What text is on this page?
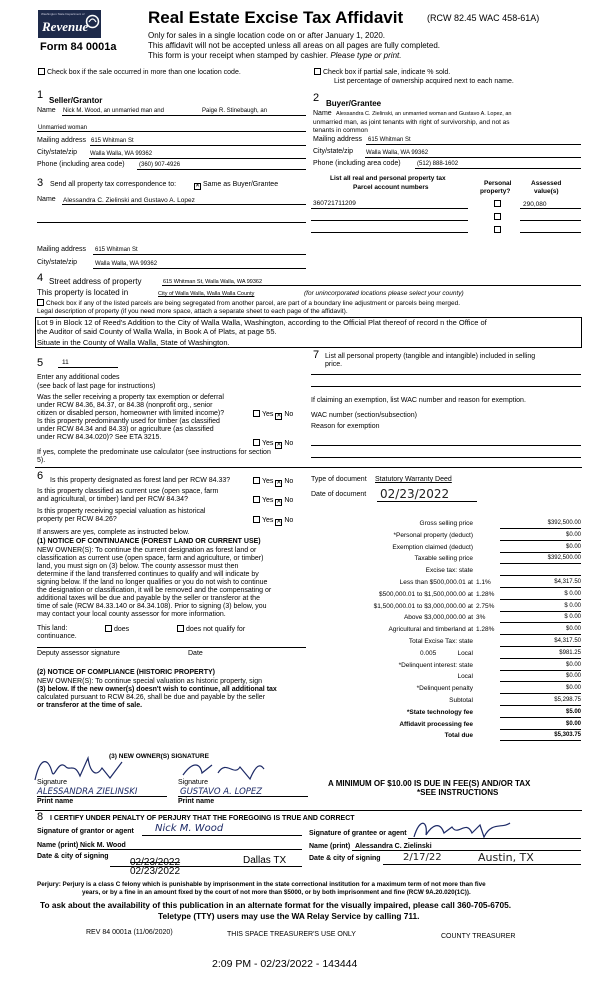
Washington State Department of
Revenue
Form 84 0001a
Real Estate Excise Tax Affidavit	(RCW 82.45 WAC 458-61A)
Only for sales in a single location code on or after January 1, 2020.
This affidavit will not be accepted unless all areas on all pages are fully completed.
This form is your receipt when stamped by cashier. Please type or print.
Check box if the sale occurred in more than one location code.	Check box if partial sale, indicate % sold.
List percentage of ownership acquired next to each name.
1 Seller/Grantor
Name Nick M. Wood, an unmarried man and	Paige R. Stinebaugh, an
Unmarried woman
Mailing address 615 Whitman St
City/state/zip Walla Walla, WA 99362
Phone (including area code) (360) 907-4926
2 Buyer/Grantee
Name Alessandra C. Zielinski, an unmarried woman and Gustavo A. Lopez, an
unmarried man, as joint tenants with right of survivorship, and not as
tenants in common
Mailing address 615 Whitman St
City/state/zip Walla Walla, WA 99362
Phone (including area code)	(512) 888-1602
3 Send all property tax correspondence to:	✕ Same as Buyer/Grantee
Name Alessandra C. Zielinski and Gustavo A. Lopez
Mailing address 615 Whitman St
City/state/zip	Walla Walla, WA 99362
List all real and personal property tax
Parcel account numbers
Personal
property?
Assessed
value(s)
360721711209	290,080
4 Street address of property	615 Whitman St, Walla Walla, WA 99362
This property is located in	City of Walla Walla, Walla Walla County	(for unincorporated locations please select your county)
Check box if any of the listed parcels are being segregated from another parcel, are part of a boundary line adjustment or parcels being merged.
Legal description of property (if you need more space, attach a separate sheet to each page of the affidavit).
Lot 9 in Block 12 of Reed's Addition to the City of Walla Walla, Washington, according to the Official Plat thereof of record n the Office of
the Auditor of said County of Walla Walla, in Book A of Plats, at page 55.
Situate in the County of Walla Walla, State of Washington.
5	11
Enter any additional codes
(see back of last page for instructions)
Was the seller receiving a property tax exemption or deferral
under RCW 84.36, 84.37, or 84.38 (nonprofit org., senior
citizen or disabled person, homeowner with limited income)?	Yes ✕ No
Is this property predominantly used for timber (as classified
under RCW 84.34 and 84.33) or agriculture (as classified
under RCW 84.34.020)? See ETA 3215.
Yes ✕ No
If yes, complete the predominate use calculator (see instructions for section
5).
7 List all personal property (tangible and intangible) included in selling
price.
If claiming an exemption, list WAC number and reason for exemption.
WAC number (section/subsection)
Reason for exemption
6 Is this property designated as forest land per RCW 84.33?	Yes ✕ No
Is this property classified as current use (open space, farm
and agricultural, or timber) land per RCW 84.34?	Yes ✕ No
Is this property receiving special valuation as historical
property per RCW 84.26?	Yes ✕ No
If answers are yes, complete as instructed below.
(1) NOTICE OF CONTINUANCE (FOREST LAND OR CURRENT USE)
NEW OWNER(S): To continue the current designation as forest land or
classification as current use (open space, farm and agriculture, or timber)
land, you must sign on (3) below. The county assessor must then
determine if the land transferred continues to qualify and will indicate by
signing below. If the land no longer qualifies or you do not wish to continue
the designation or classification, it will be removed and the compensating or
additional taxes will be due and payable by the seller or transferor at the
time of sale (RCW 84.33.140 or 84.34.108). Prior to signing (3) below, you
may contact your local county assessor for more information.
This land:	does	does not qualify for
continuance.
Deputy assessor signature	Date
(2) NOTICE OF COMPLIANCE (HISTORIC PROPERTY)
NEW OWNER(S): To continue special valuation as historic property, sign
(3) below. If the new owner(s) doesn't wish to continue, all additional tax
calculated pursuant to RCW 84.26, shall be due and payable by the seller
or transferor at the time of sale.
(3) NEW OWNER(S) SIGNATURE
Signature	Signature
ALESSANDRA ZIELINSKI	GUSTAVO A. LOPEZ
Print name	Print name
Type of document Statutory Warranty Deed
Date of document 02/23/2022
Gross selling price	$392,500.00
*Personal property (deduct)	$0.00
Exemption claimed (deduct)	$0.00
Taxable selling price	$392,500.00
Excise tax: state
Less than $500,000.01 at 1.1%	$4,317.50
$500,000.01 to $1,500,000.00 at 1.28%	$ 0.00
$1,500,000.01 to $3,000,000.00 at 2.75%	$ 0.00
Above $3,000,000.00 at 3%	$ 0.00
Agricultural and timberland at 1.28%	$0.00
Total Excise Tax: state	$4,317.50
Local
0.005	$981.25
*Delinquent interest: state	$0.00
Local	$0.00
*Delinquent penalty	$0.00
Subtotal	$5,298.75
*State technology fee	$5.00
Affidavit processing fee	$0.00
Total due	$5,303.75
A MINIMUM OF $10.00 IS DUE IN FEE(S) AND/OR TAX
*SEE INSTRUCTIONS
8 I CERTIFY UNDER PENALTY OF PERJURY THAT THE FOREGOING IS TRUE AND CORRECT
Signature of grantor or agent Nick M. Wood
Name (print) Nick M. Wood
Date & city of signing
02/23/2022	Dallas TX
02/23/2022
Signature of grantee or agent
Name (print) Alessandra C. Zielinski
Date & city of signing 2/17/22	Austin, TX
Perjury: Perjury is a class C felony which is punishable by imprisonment in the state correctional institution for a maximum term of not more than five
years, or by a fine in an amount fixed by the court of not more than $5000, or by both imprisonment and fine (RCW 9A.20.020(1C)).
To ask about the availability of this publication in an alternate format for the visually impaired, please call 360-705-6705.
Teletype (TTY) users may use the WA Relay Service by calling 711.
REV 84 0001a (11/06/2020)	THIS SPACE TREASURER'S USE ONLY	COUNTY TREASURER
2:09 PM - 02/23/2022 - 143444
